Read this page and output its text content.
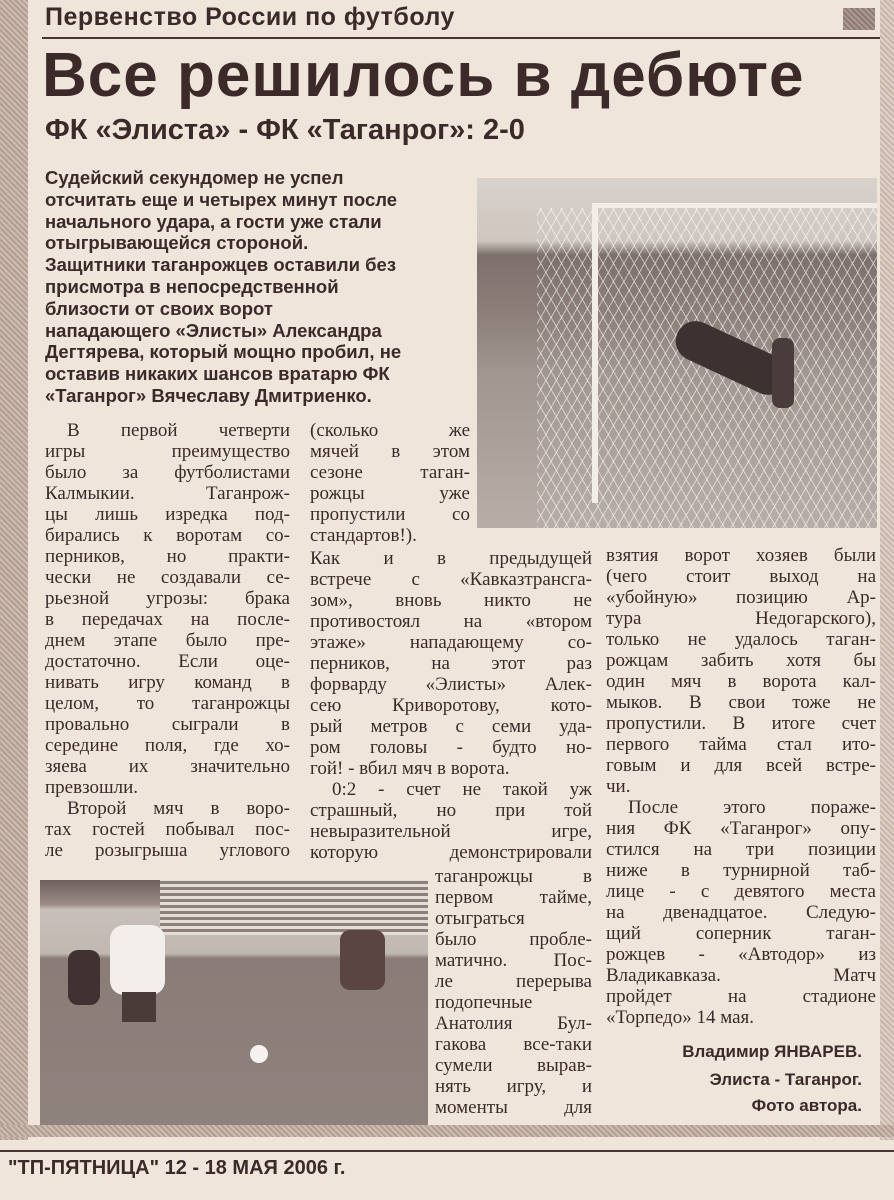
Первенство России по футболу
Все решилось в дебюте
ФК «Элиста» - ФК «Таганрог»: 2-0
Судейский секундомер не успел
отсчитать еще и четырех минут после
начального удара, а гости уже стали
отыгрывающейся стороной.
Защитники таганрожцев оставили без
присмотра в непосредственной
близости от своих ворот
нападающего «Элисты» Александра
Дегтярева, который мощно пробил, не
оставив никаких шансов вратарю ФК
«Таганрог» Вячеславу Дмитриенко.
В первой четверти
игры преимущество
было за футболистами
Калмыкии. Таганрож-
цы лишь изредка под-
бирались к воротам со-
перников, но практи-
чески не создавали се-
рьезной угрозы: брака
в передачах на после-
днем этапе было пре-
достаточно. Если оце-
нивать игру команд в
целом, то таганрожцы
провально сыграли в
середине поля, где хо-
зяева их значительно
превзошли.
Второй мяч в воро-
тах гостей побывал пос-
ле розыгрыша углового
(сколько же
мячей в этом
сезоне таган-
рожцы уже
пропустили со
стандартов!).
Как и в предыдущей
встрече с «Кавказтрансга-
зом», вновь никто не
противостоял на «втором
этаже» нападающему со-
перников, на этот раз
форварду «Элисты» Алек-
сею Криворотову, кото-
рый метров с семи уда-
ром головы - будто но-
гой! - вбил мяч в ворота.
0:2 - счет не такой уж
страшный, но при той
невыразительной игре,
которую демонстрировали
таганрожцы в
первом тайме,
отыграться
было пробле-
матично. Пос-
ле перерыва
подопечные
Анатолия Бул-
гакова все-таки
сумели вырав-
нять игру, и
моменты для
взятия ворот хозяев были
(чего стоит выход на
«убойную» позицию Ар-
тура Недогарского),
только не удалось таган-
рожцам забить хотя бы
один мяч в ворота кал-
мыков. В свои тоже не
пропустили. В итоге счет
первого тайма стал ито-
говым и для всей встре-
чи.
После этого пораже-
ния ФК «Таганрог» опу-
стился на три позиции
ниже в турнирной таб-
лице - с девятого места
на двенадцатое. Следую-
щий соперник таган-
рожцев - «Автодор» из
Владикавказа. Матч
пройдет на стадионе
«Торпедо» 14 мая.
Владимир ЯНВАРЕВ.
Элиста - Таганрог.
Фото автора.
"ТП-ПЯТНИЦА" 12 - 18 МАЯ 2006 г.
